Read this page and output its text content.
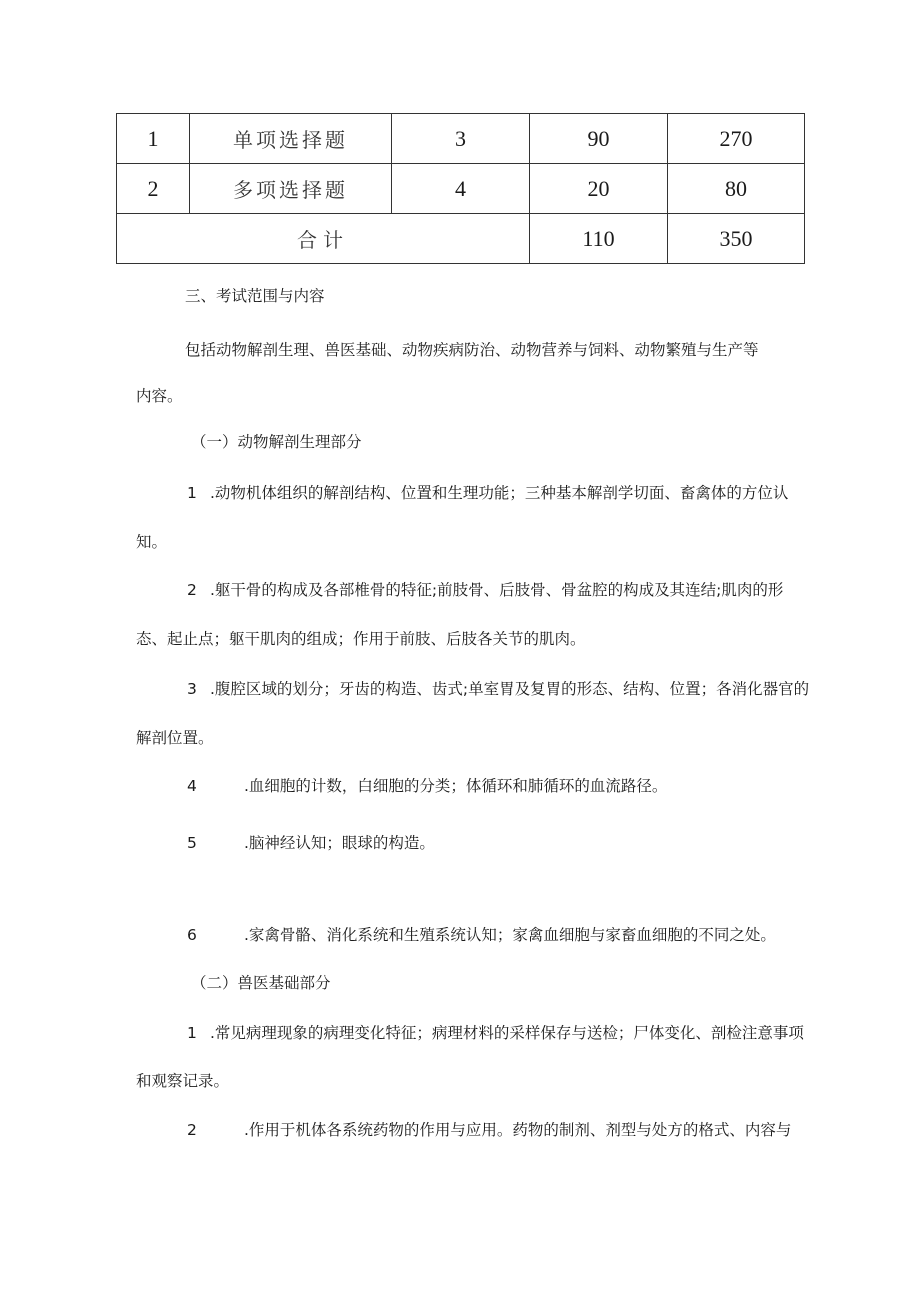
1	单项选择题	3	90	270
2	多项选择题	4	20	80
合计			110	350
三、考试范围与内容
包括动物解剖生理、兽医基础、动物疾病防治、动物营养与饲料、动物繁殖与生产等
内容。
（一）动物解剖生理部分
1 .动物机体组织的解剖结构、位置和生理功能；三种基本解剖学切面、畜禽体的方位认
知。
2 .躯干骨的构成及各部椎骨的特征;前肢骨、后肢骨、骨盆腔的构成及其连结;肌肉的形
态、起止点；躯干肌肉的组成；作用于前肢、后肢各关节的肌肉。
3 .腹腔区域的划分；牙齿的构造、齿式;单室胃及复胃的形态、结构、位置；各消化器官的
解剖位置。
4	.血细胞的计数，白细胞的分类；体循环和肺循环的血流路径。
5	.脑神经认知；眼球的构造。
6	.家禽骨骼、消化系统和生殖系统认知；家禽血细胞与家畜血细胞的不同之处。
（二）兽医基础部分
1 .常见病理现象的病理变化特征；病理材料的采样保存与送检；尸体变化、剖检注意事项
和观察记录。
2	.作用于机体各系统药物的作用与应用。药物的制剂、剂型与处方的格式、内容与
